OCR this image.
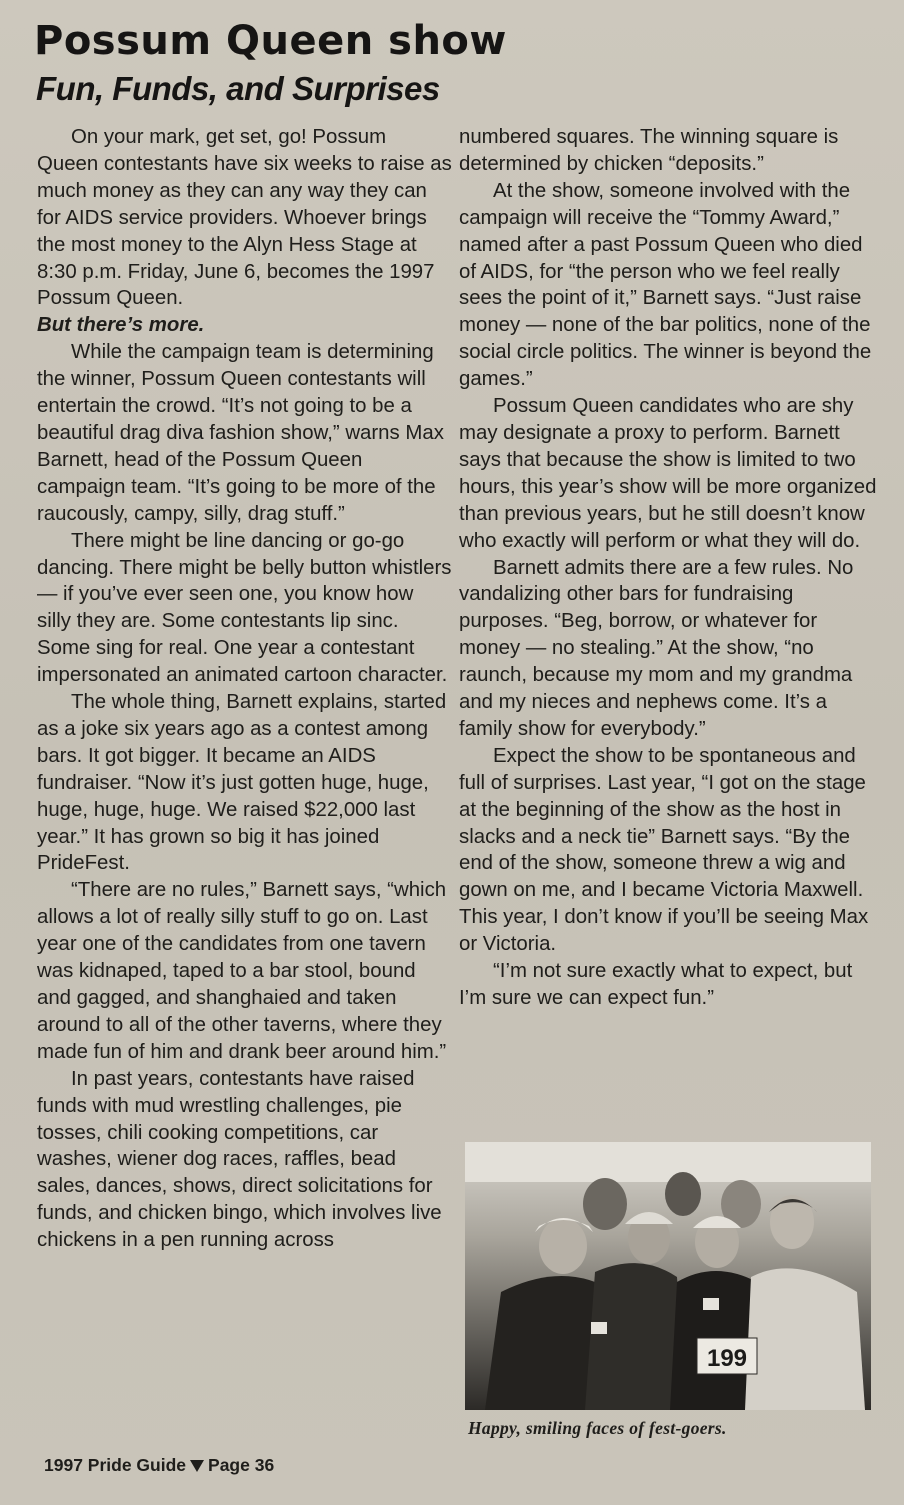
Possum Queen show
Fun, Funds, and Surprises

On your mark, get set, go! Possum Queen contestants have six weeks to raise as much money as they can any way they can for AIDS service providers. Whoever brings the most money to the Alyn Hess Stage at 8:30 p.m. Friday, June 6, becomes the 1997 Possum Queen.

But there’s more.

While the campaign team is determining the winner, Possum Queen contestants will entertain the crowd. “It’s not going to be a beautiful drag diva fashion show,” warns Max Barnett, head of the Possum Queen campaign team. “It’s going to be more of the raucously, campy, silly, drag stuff.”

There might be line dancing or go-go dancing. There might be belly button whistlers — if you’ve ever seen one, you know how silly they are. Some contestants lip sinc. Some sing for real. One year a contestant impersonated an animated cartoon character.

The whole thing, Barnett explains, started as a joke six years ago as a contest among bars. It got bigger. It became an AIDS fundraiser. “Now it’s just gotten huge, huge, huge, huge, huge. We raised $22,000 last year.” It has grown so big it has joined PrideFest.

“There are no rules,” Barnett says, “which allows a lot of really silly stuff to go on. Last year one of the candidates from one tavern was kidnaped, taped to a bar stool, bound and gagged, and shanghaied and taken around to all of the other taverns, where they made fun of him and drank beer around him.”

In past years, contestants have raised funds with mud wrestling challenges, pie tosses, chili cooking competitions, car washes, wiener dog races, raffles, bead sales, dances, shows, direct solicitations for funds, and chicken bingo, which involves live chickens in a pen running across

numbered squares. The winning square is determined by chicken “deposits.”

At the show, someone involved with the campaign will receive the “Tommy Award,” named after a past Possum Queen who died of AIDS, for “the person who we feel really sees the point of it,” Barnett says. “Just raise money — none of the bar politics, none of the social circle politics. The winner is beyond the games.”

Possum Queen candidates who are shy may designate a proxy to perform. Barnett says that because the show is limited to two hours, this year’s show will be more organized than previous years, but he still doesn’t know who exactly will perform or what they will do.

Barnett admits there are a few rules. No vandalizing other bars for fundraising purposes. “Beg, borrow, or whatever for money — no stealing.” At the show, “no raunch, because my mom and my grandma and my nieces and nephews come. It’s a family show for everybody.”

Expect the show to be spontaneous and full of surprises. Last year, “I got on the stage at the beginning of the show as the host in slacks and a neck tie” Barnett says. “By the end of the show, someone threw a wig and gown on me, and I became Victoria Maxwell. This year, I don’t know if you’ll be seeing Max or Victoria.

“I’m not sure exactly what to expect, but I’m sure we can expect fun.”

199
Happy, smiling faces of fest-goers.
1997 Pride Guide Page 36
